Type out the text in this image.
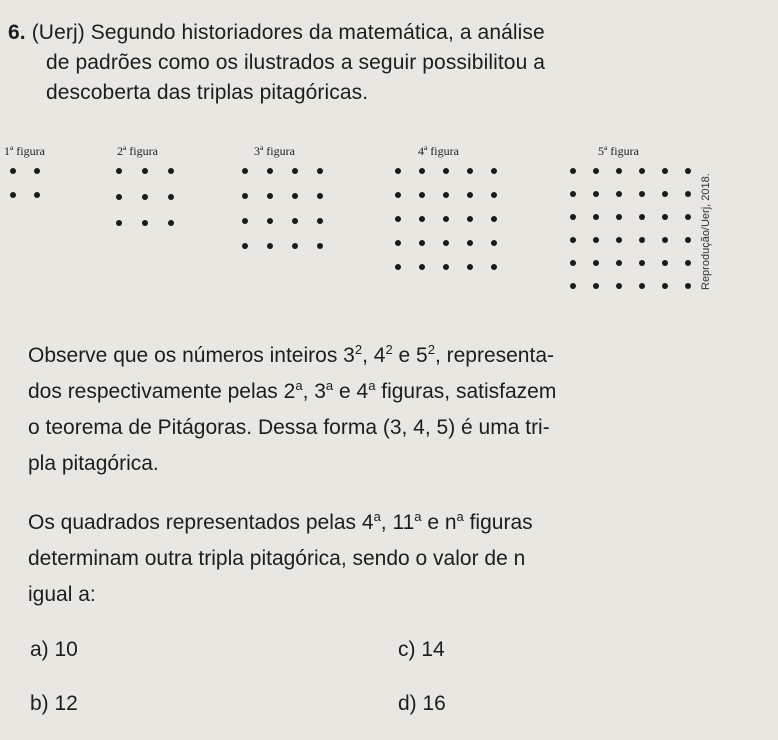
6. (Uerj) Segundo historiadores da matemática, a análise
de padrões como os ilustrados a seguir possibilitou a
descoberta das triplas pitagóricas.
1ª figura	2ª figura	3ª figura	4ª figura	5ª figura
Reprodução/Uerj, 2018.

Observe que os números inteiros $3^2$, $4^2$ e $5^2$, representa-

dos respectivamente pelas 2$^a$, 3$^a$ e 4$^a$ figuras, satisfazem

o teorema de Pitágoras. Dessa forma (3, 4, 5) é uma tri-

pla pitagórica.

Os quadrados representados pelas 4$^a$, 11$^a$ e $n^a$ figuras

determinam outra tripla pitagórica, sendo o valor de n

igual a:

a) 10
b) 12
c) 14
d) 16
